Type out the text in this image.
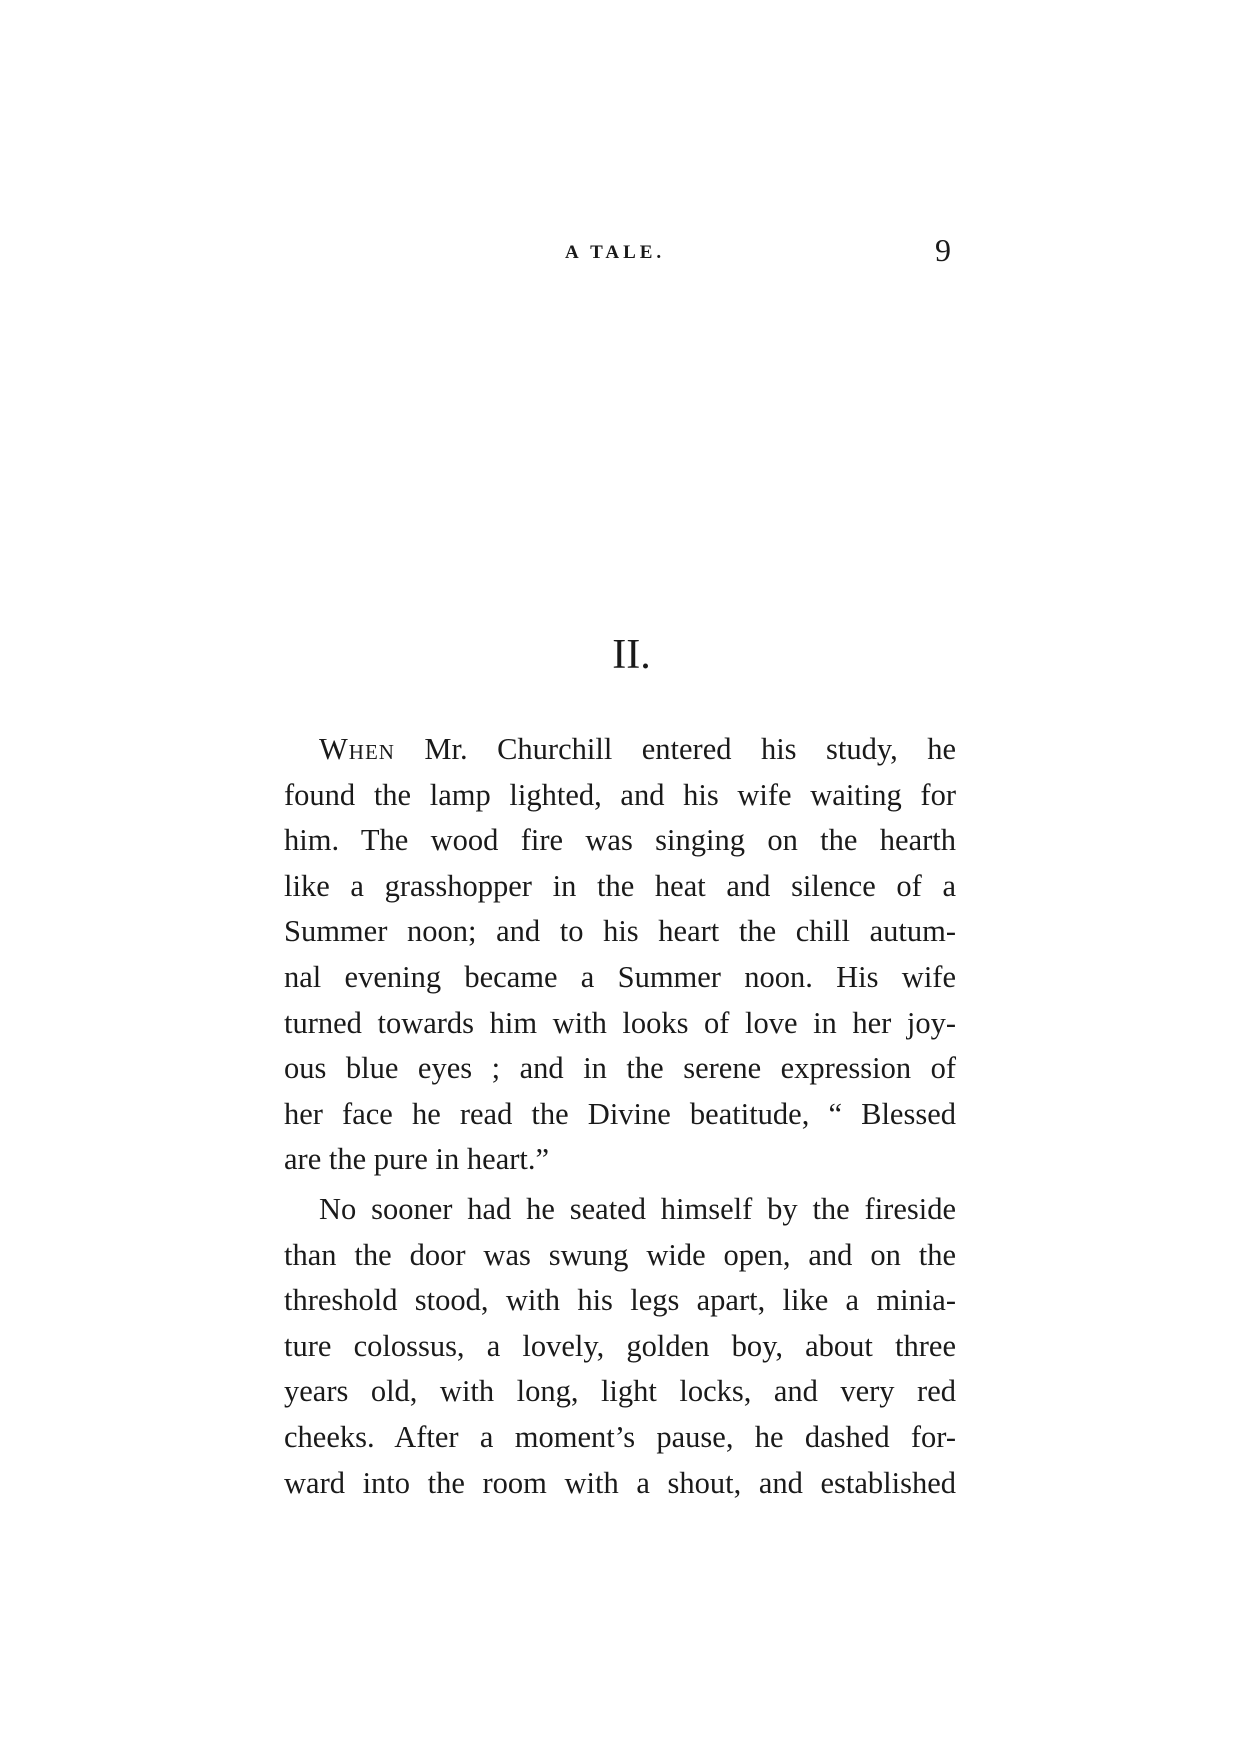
A TALE.	9
II.
When Mr. Churchill entered his study, he
found the lamp lighted, and his wife waiting for
him. The wood fire was singing on the hearth
like a grasshopper in the heat and silence of a
Summer noon; and to his heart the chill autum-
nal evening became a Summer noon. His wife
turned towards him with looks of love in her joy-
ous blue eyes ; and in the serene expression of
her face he read the Divine beatitude, “ Blessed
are the pure in heart.”
No sooner had he seated himself by the fireside
than the door was swung wide open, and on the
threshold stood, with his legs apart, like a minia-
ture colossus, a lovely, golden boy, about three
years old, with long, light locks, and very red
cheeks. After a moment’s pause, he dashed for-
ward into the room with a shout, and established
